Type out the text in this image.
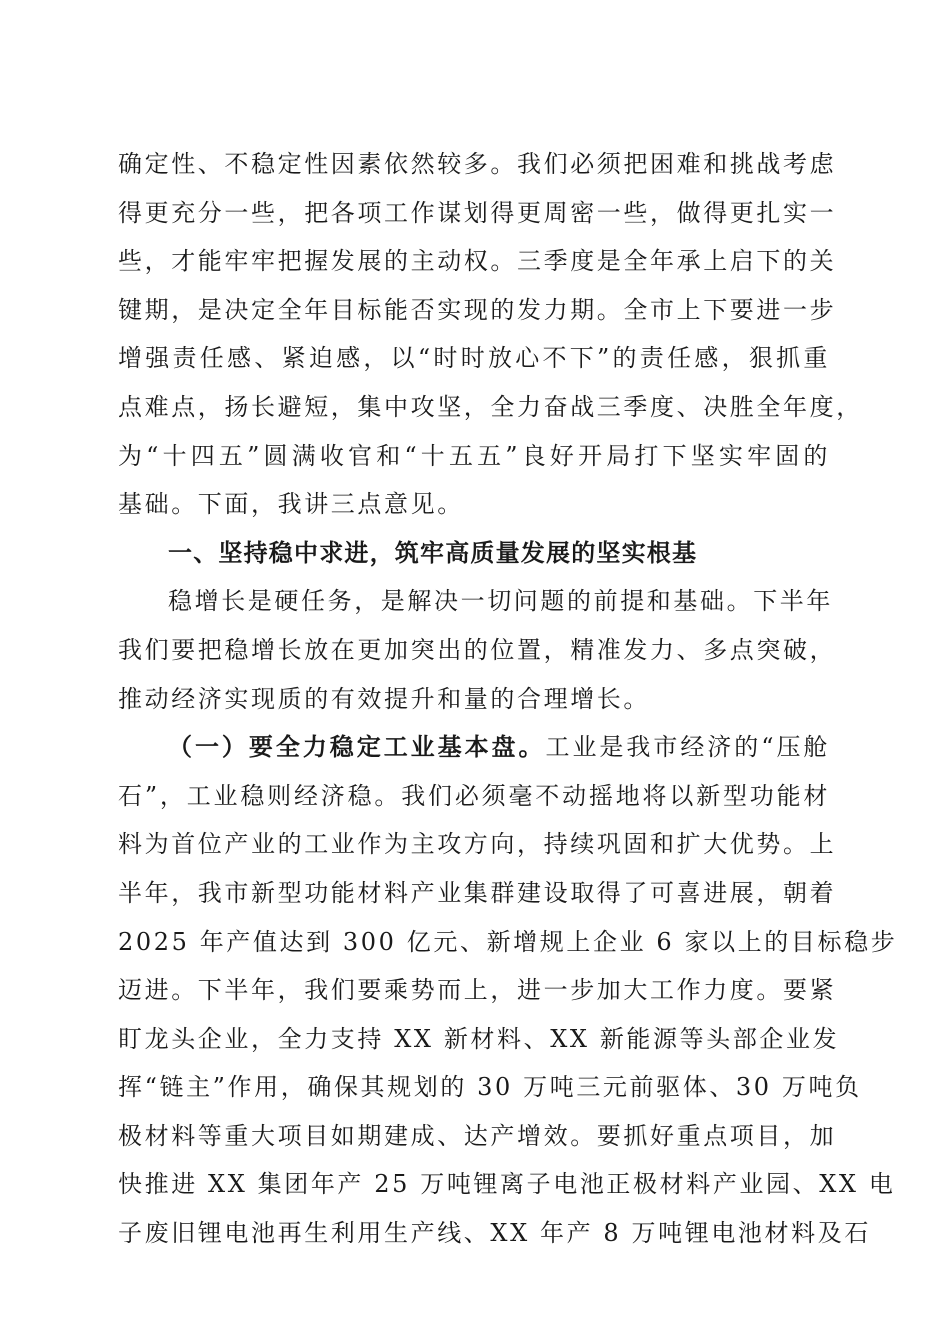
确定性、不稳定性因素依然较多。我们必须把困难和挑战考虑
得更充分一些，把各项工作谋划得更周密一些，做得更扎实一
些，才能牢牢把握发展的主动权。三季度是全年承上启下的关
键期，是决定全年目标能否实现的发力期。全市上下要进一步
增强责任感、紧迫感，以“时时放心不下”的责任感，狠抓重
点难点，扬长避短，集中攻坚，全力奋战三季度、决胜全年度，
为“十四五”圆满收官和“十五五”良好开局打下坚实牢固的
基础。下面，我讲三点意见。
一、坚持稳中求进，筑牢高质量发展的坚实根基
稳增长是硬任务，是解决一切问题的前提和基础。下半年
我们要把稳增长放在更加突出的位置，精准发力、多点突破，
推动经济实现质的有效提升和量的合理增长。
（一）要全力稳定工业基本盘。工业是我市经济的“压舱
石”，工业稳则经济稳。我们必须毫不动摇地将以新型功能材
料为首位产业的工业作为主攻方向，持续巩固和扩大优势。上
半年，我市新型功能材料产业集群建设取得了可喜进展，朝着
2025 年产值达到 300 亿元、新增规上企业 6 家以上的目标稳步
迈进。下半年，我们要乘势而上，进一步加大工作力度。要紧
盯龙头企业，全力支持 XX 新材料、XX 新能源等头部企业发
挥“链主”作用，确保其规划的 30 万吨三元前驱体、30 万吨负
极材料等重大项目如期建成、达产增效。要抓好重点项目，加
快推进 XX 集团年产 25 万吨锂离子电池正极材料产业园、XX 电
子废旧锂电池再生利用生产线、XX 年产 8 万吨锂电池材料及石
